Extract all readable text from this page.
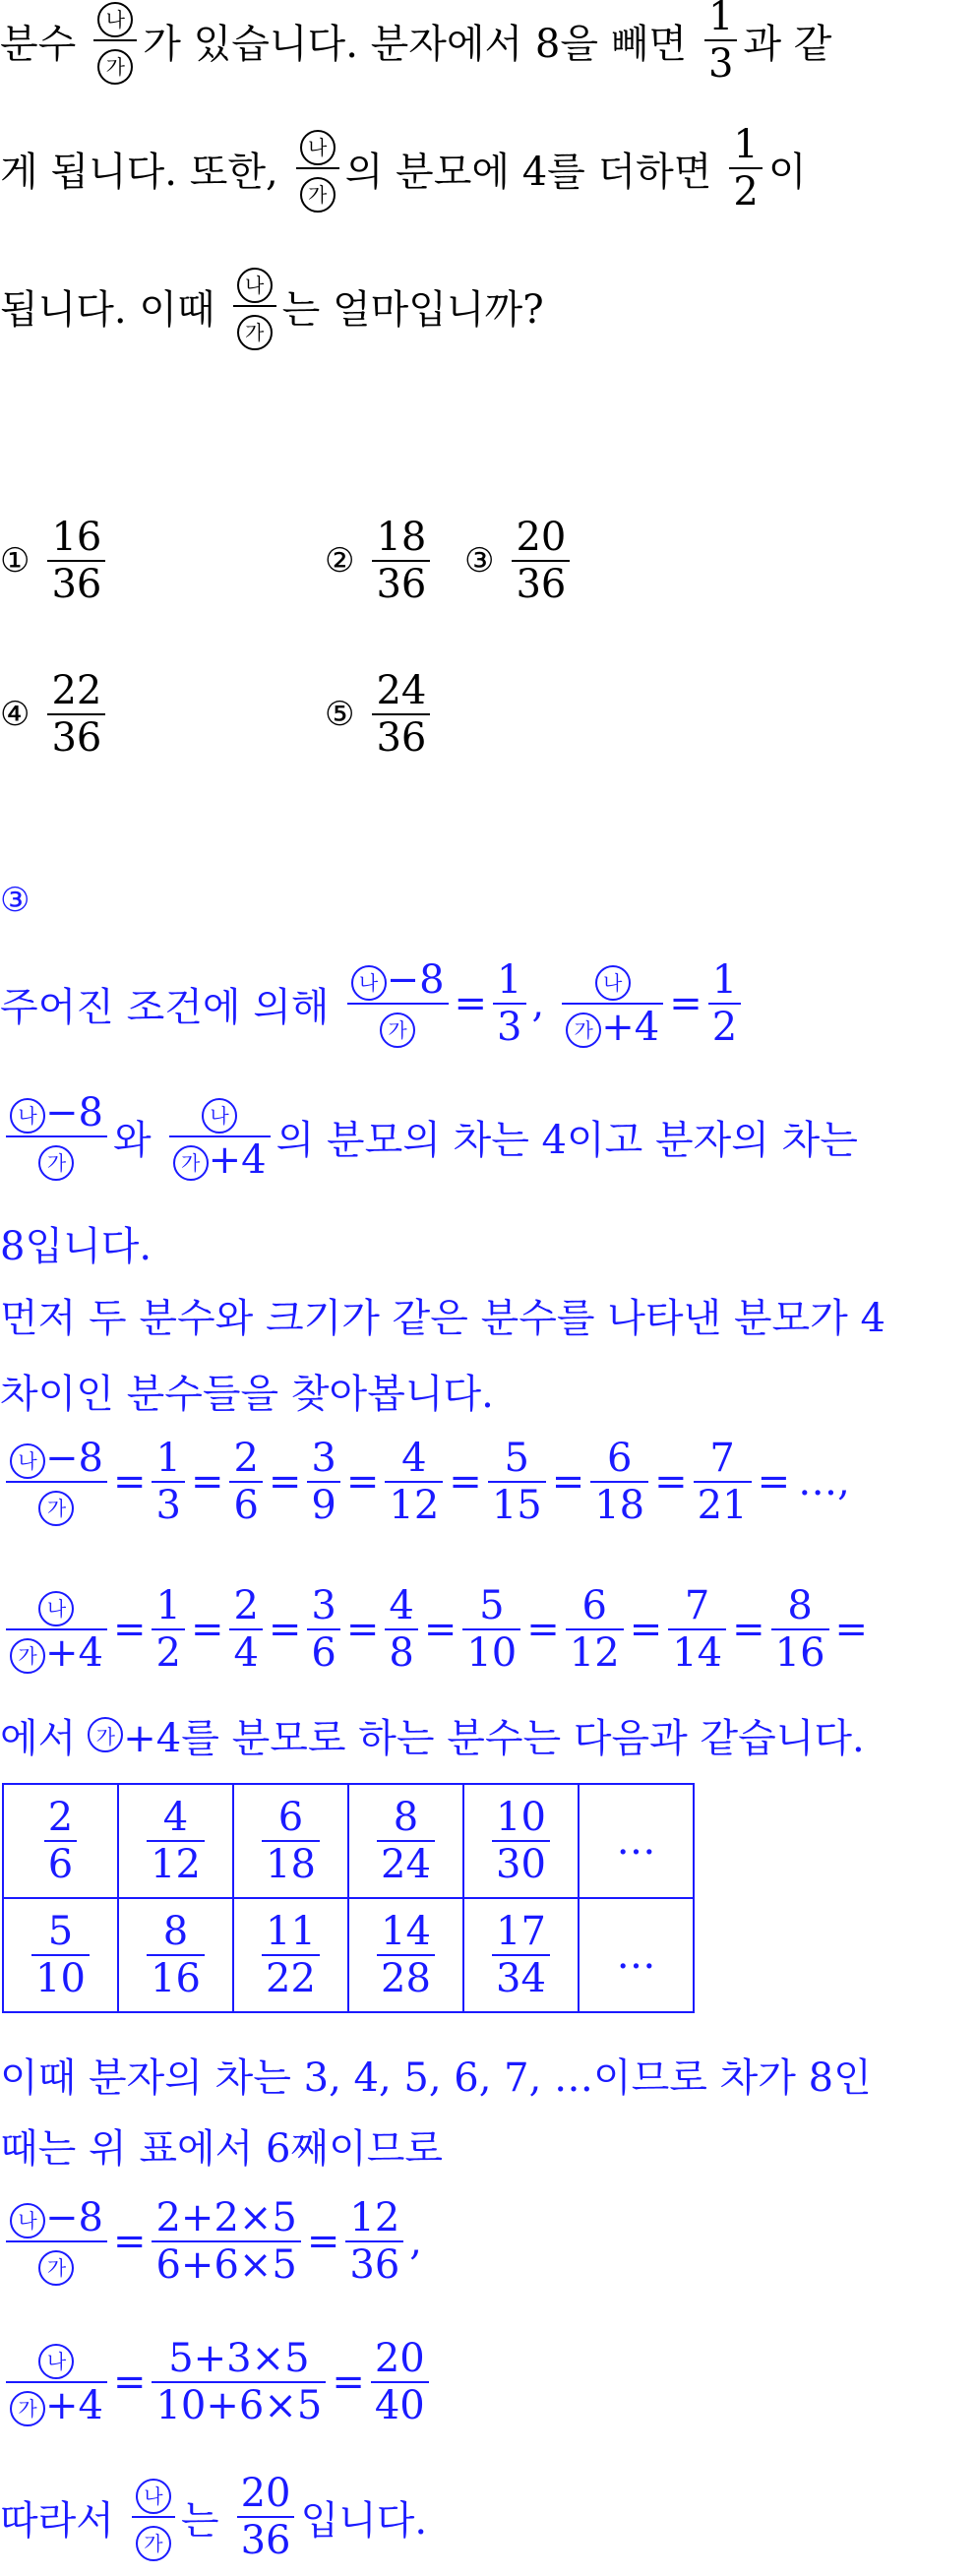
분수 $\frac{\text{나}}{\text{가}}$ 가 있습니다. 분자에서 8을 빼면 $\frac{1}{3}$ 과 같
게 됩니다. 또한, $\frac{\text{나}}{\text{가}}$ 의 분모에 4를 더하면 $\frac{1}{2}$ 이
됩니다. 이때 $\frac{\text{나}}{\text{가}}$ 는 얼마입니까?
① $\frac{16}{36}$	② $\frac{18}{36}$ ③ $\frac{20}{36}$
④ $\frac{22}{36}$	⑤ $\frac{24}{36}$
③
주어진 조건에 의해 $\frac{\text{나 −8}}{\text{가}} = \frac{1}{3}$ , $\frac{\text{나}}{\text{가 +4}} = \frac{1}{2}$
$\frac{\text{나 −8}}{\text{가}}$ 와 $\frac{\text{나}}{\text{가 +4}}$ 의 분모의 차는 4이고 분자의 차는
8입니다.
먼저 두 분수와 크기가 같은 분수를 나타낸 분모가 4
차이인 분수들을 찾아봅니다.
$\frac{\text{나 −8}}{\text{가}} = \frac{1}{3} = \frac{2}{6} = \frac{3}{9} = \frac{4}{12} = \frac{5}{15} = \frac{6}{18} = \frac{7}{21}$ = …,
$\frac{\text{나}}{\text{가 +4}} = \frac{1}{2} = \frac{2}{4} = \frac{3}{6} = \frac{4}{8} = \frac{5}{10} = \frac{6}{12} = \frac{7}{14} = \frac{8}{16}$ =
에서	가 +4를 분모로 하는 분수는 다음과 같습니다.
$\frac{2}{6}$	$\frac{4}{12}$	$\frac{6}{18}$	$\frac{8}{24}$	$\frac{10}{30}$	…

$\frac{5}{10}$	$\frac{8}{16}$	$\frac{11}{22}$	$\frac{14}{28}$	$\frac{17}{34}$	…
이때 분자의 차는 3, 4, 5, 6, 7, …이므로 차가 8인
때는 위 표에서 6째이므로
$\frac{\text{나 −8}}{\text{가}} = \frac{2+2\times 5}{6+6\times 5} = \frac{12}{36}$ ,
$\frac{\text{나}}{\text{가 +4}} = \frac{5+3\times 5}{10+6\times 5} = \frac{20}{40}$
따라서 $\frac{\text{나}}{\text{가}}$ 는 $\frac{20}{36}$ 입니다.
